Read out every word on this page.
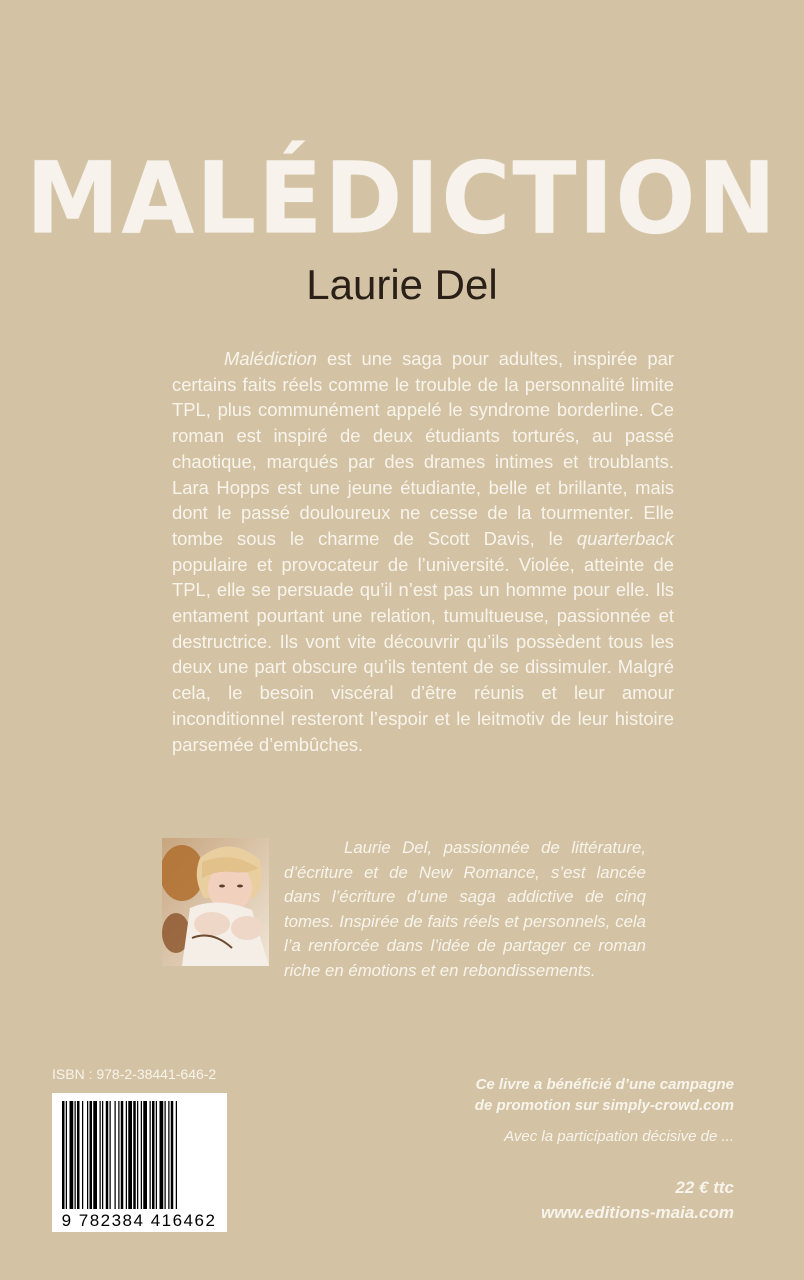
MALÉDICTION
Laurie Del

Malédiction est une saga pour adultes, inspirée par certains faits réels comme le trouble de la personnalité limite TPL, plus communément appelé le syndrome borderline. Ce roman est inspiré de deux étudiants torturés, au passé chaotique, marqués par des drames intimes et troublants. Lara Hopps est une jeune étudiante, belle et brillante, mais dont le passé douloureux ne cesse de la tourmenter. Elle tombe sous le charme de Scott Davis, le quarterback populaire et provocateur de l’université. Violée, atteinte de TPL, elle se persuade qu’il n’est pas un homme pour elle. Ils entament pourtant une relation, tumultueuse, passionnée et destructrice. Ils vont vite découvrir qu’ils possèdent tous les deux une part obscure qu’ils tentent de se dissimuler. Malgré cela, le besoin viscéral d’être réunis et leur amour inconditionnel resteront l’espoir et le leitmotiv de leur histoire parsemée d’embûches.

Laurie Del, passionnée de littérature, d’écriture et de New Romance, s’est lancée dans l’écriture d’une saga addictive de cinq tomes. Inspirée de faits réels et personnels, cela l’a renforcée dans l’idée de partager ce roman riche en émotions et en rebondissements.

ISBN : 978-2-38441-646-2
9 782384 416462
Ce livre a bénéficié d’une campagne
de promotion sur simply-crowd.com
Avec la participation décisive de ...
22 € ttc
www.editions-maia.com
